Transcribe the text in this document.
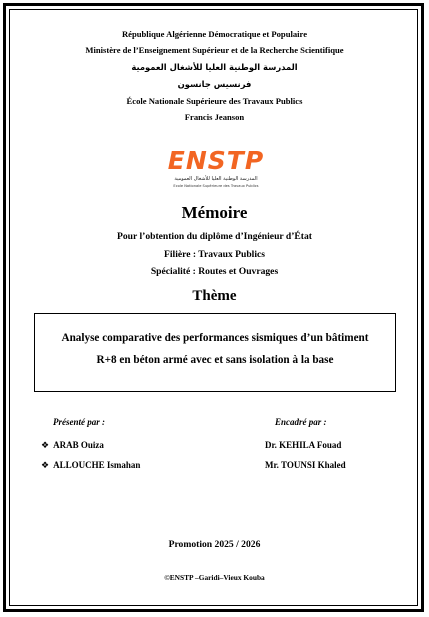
République Algérienne Démocratique et Populaire
Ministère de l’Enseignement Supérieur et de la Recherche Scientifique
المدرسة الوطنية العليا للأشغال العمومية
فرنسيس جانسون
École Nationale Supérieure des Travaux Publics
Francis Jeanson
ENSTP
المدرسة الوطنية العليا للأشغال العمومية
Ecole Nationale Supérieure des Travaux Publics
Mémoire
Pour l’obtention du diplôme d’Ingénieur d’État
Filière : Travaux Publics
Spécialité : Routes et Ouvrages
Thème
Analyse comparative des performances sismiques d’un bâtiment
R+8 en béton armé avec et sans isolation à la base
Présenté par :	Encadré par :
❖ ARAB Ouiza
❖ ALLOUCHE Ismahan
Dr. KEHILA Fouad
Mr. TOUNSI Khaled
Promotion 2025 / 2026
©ENSTP –Garidi–Vieux Kouba
